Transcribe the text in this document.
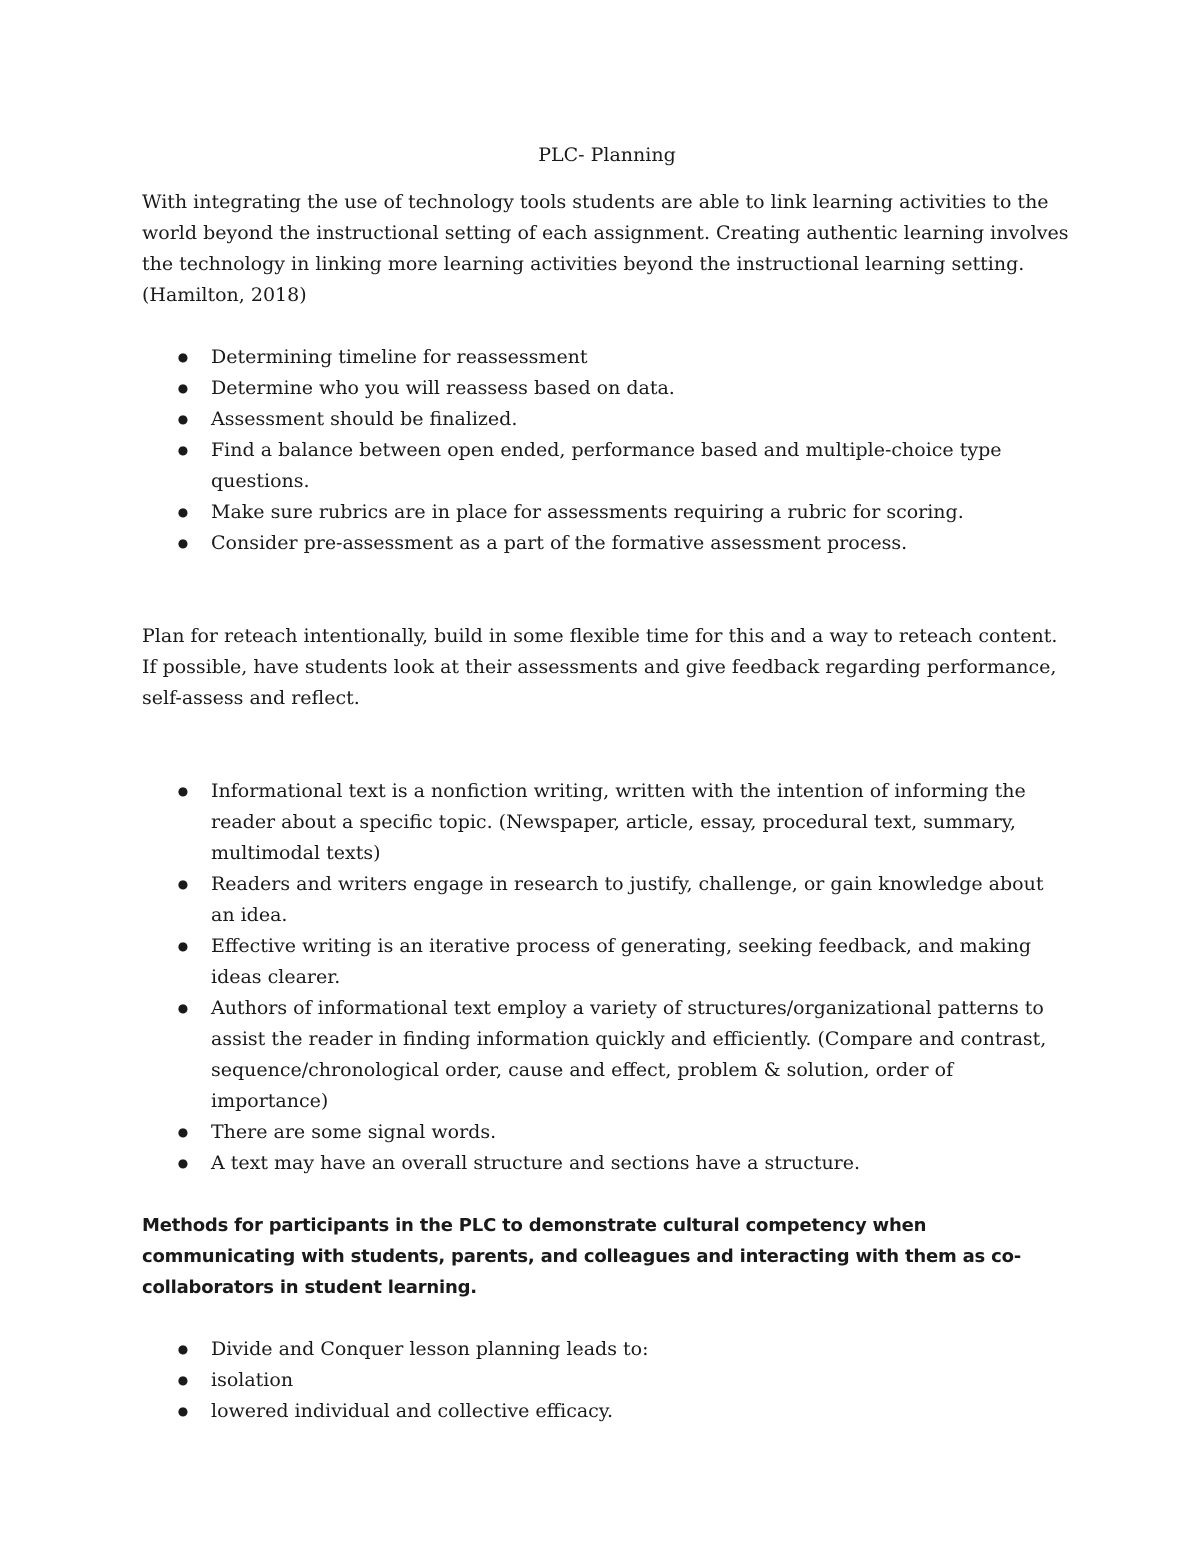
PLC- Planning

With integrating the use of technology tools students are able to link learning activities to the world beyond the instructional setting of each assignment. Creating authentic learning involves the technology in linking more learning activities beyond the instructional learning setting. (Hamilton, 2018)

● Determining timeline for reassessment
● Determine who you will reassess based on data.
● Assessment should be finalized.
● Find a balance between open ended, performance based and multiple-choice type questions.
● Make sure rubrics are in place for assessments requiring a rubric for scoring.
● Consider pre-assessment as a part of the formative assessment process.

Plan for reteach intentionally, build in some flexible time for this and a way to reteach content. If possible, have students look at their assessments and give feedback regarding performance, self-assess and reflect.

● Informational text is a nonfiction writing, written with the intention of informing the reader about a specific topic. (Newspaper, article, essay, procedural text, summary, multimodal texts)
● Readers and writers engage in research to justify, challenge, or gain knowledge about an idea.
● Effective writing is an iterative process of generating, seeking feedback, and making ideas clearer.
● Authors of informational text employ a variety of structures/organizational patterns to assist the reader in finding information quickly and efficiently. (Compare and contrast, sequence/chronological order, cause and effect, problem & solution, order of importance)
● There are some signal words.
● A text may have an overall structure and sections have a structure.
Methods for participants in the PLC to demonstrate cultural competency when communicating with students, parents, and colleagues and interacting with them as co-collaborators in student learning.
● Divide and Conquer lesson planning leads to:
● isolation
● lowered individual and collective efficacy.
